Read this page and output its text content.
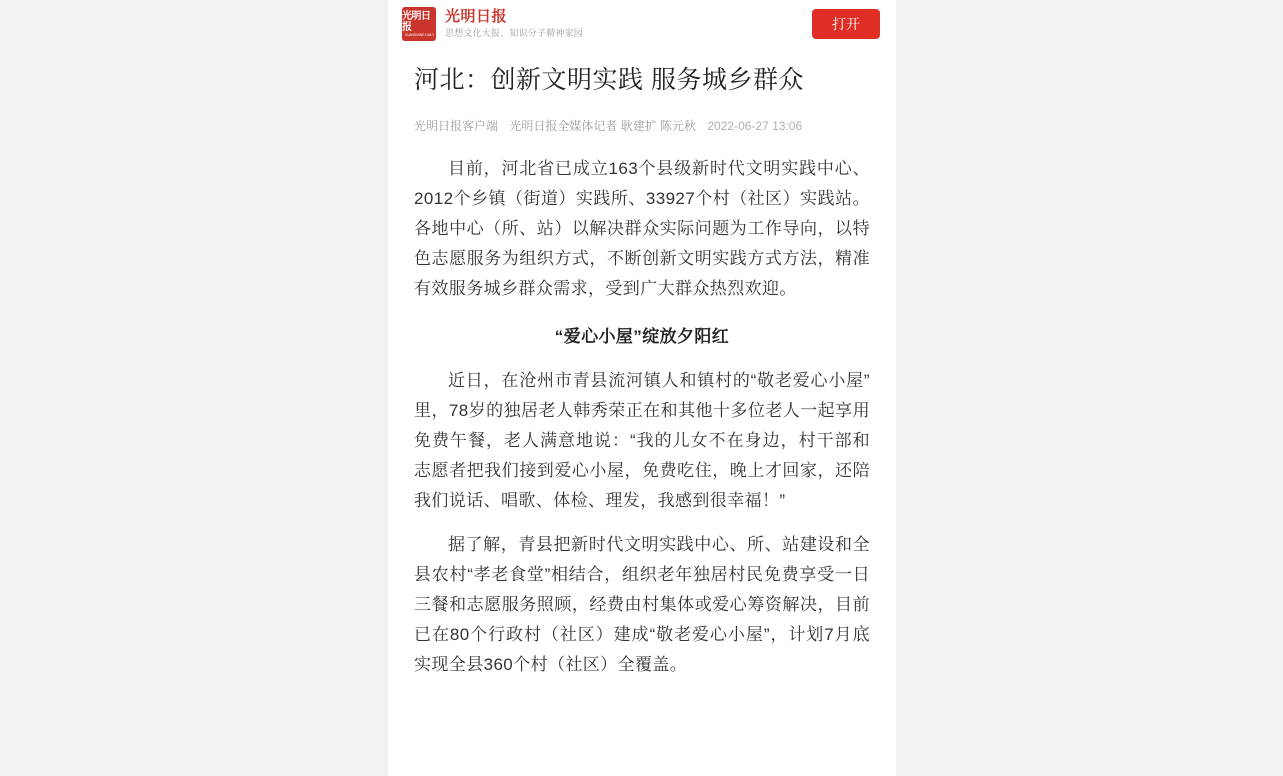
光明日报
GUANGMING DAILY
光明日报
思想文化大报、知识分子精神家园
打开
河北：创新文明实践 服务城乡群众
光明日报客户端 光明日报全媒体记者 耿建扩 陈元秋 2022-06-27 13:06

目前，河北省已成立163个县级新时代文明实践中心、2012个乡镇（街道）实践所、33927个村（社区）实践站。各地中心（所、站）以解决群众实际问题为工作导向，以特色志愿服务为组织方式，不断创新文明实践方式方法，精准有效服务城乡群众需求，受到广大群众热烈欢迎。

“爱心小屋”绽放夕阳红

近日，在沧州市青县流河镇人和镇村的“敬老爱心小屋”里，78岁的独居老人韩秀荣正在和其他十多位老人一起享用免费午餐，老人满意地说：“我的儿女不在身边，村干部和志愿者把我们接到爱心小屋，免费吃住，晚上才回家，还陪我们说话、唱歌、体检、理发，我感到很幸福！”

据了解，青县把新时代文明实践中心、所、站建设和全县农村“孝老食堂”相结合，组织老年独居村民免费享受一日三餐和志愿服务照顾，经费由村集体或爱心筹资解决，目前已在80个行政村（社区）建成“敬老爱心小屋”，计划7月底实现全县360个村（社区）全覆盖。
